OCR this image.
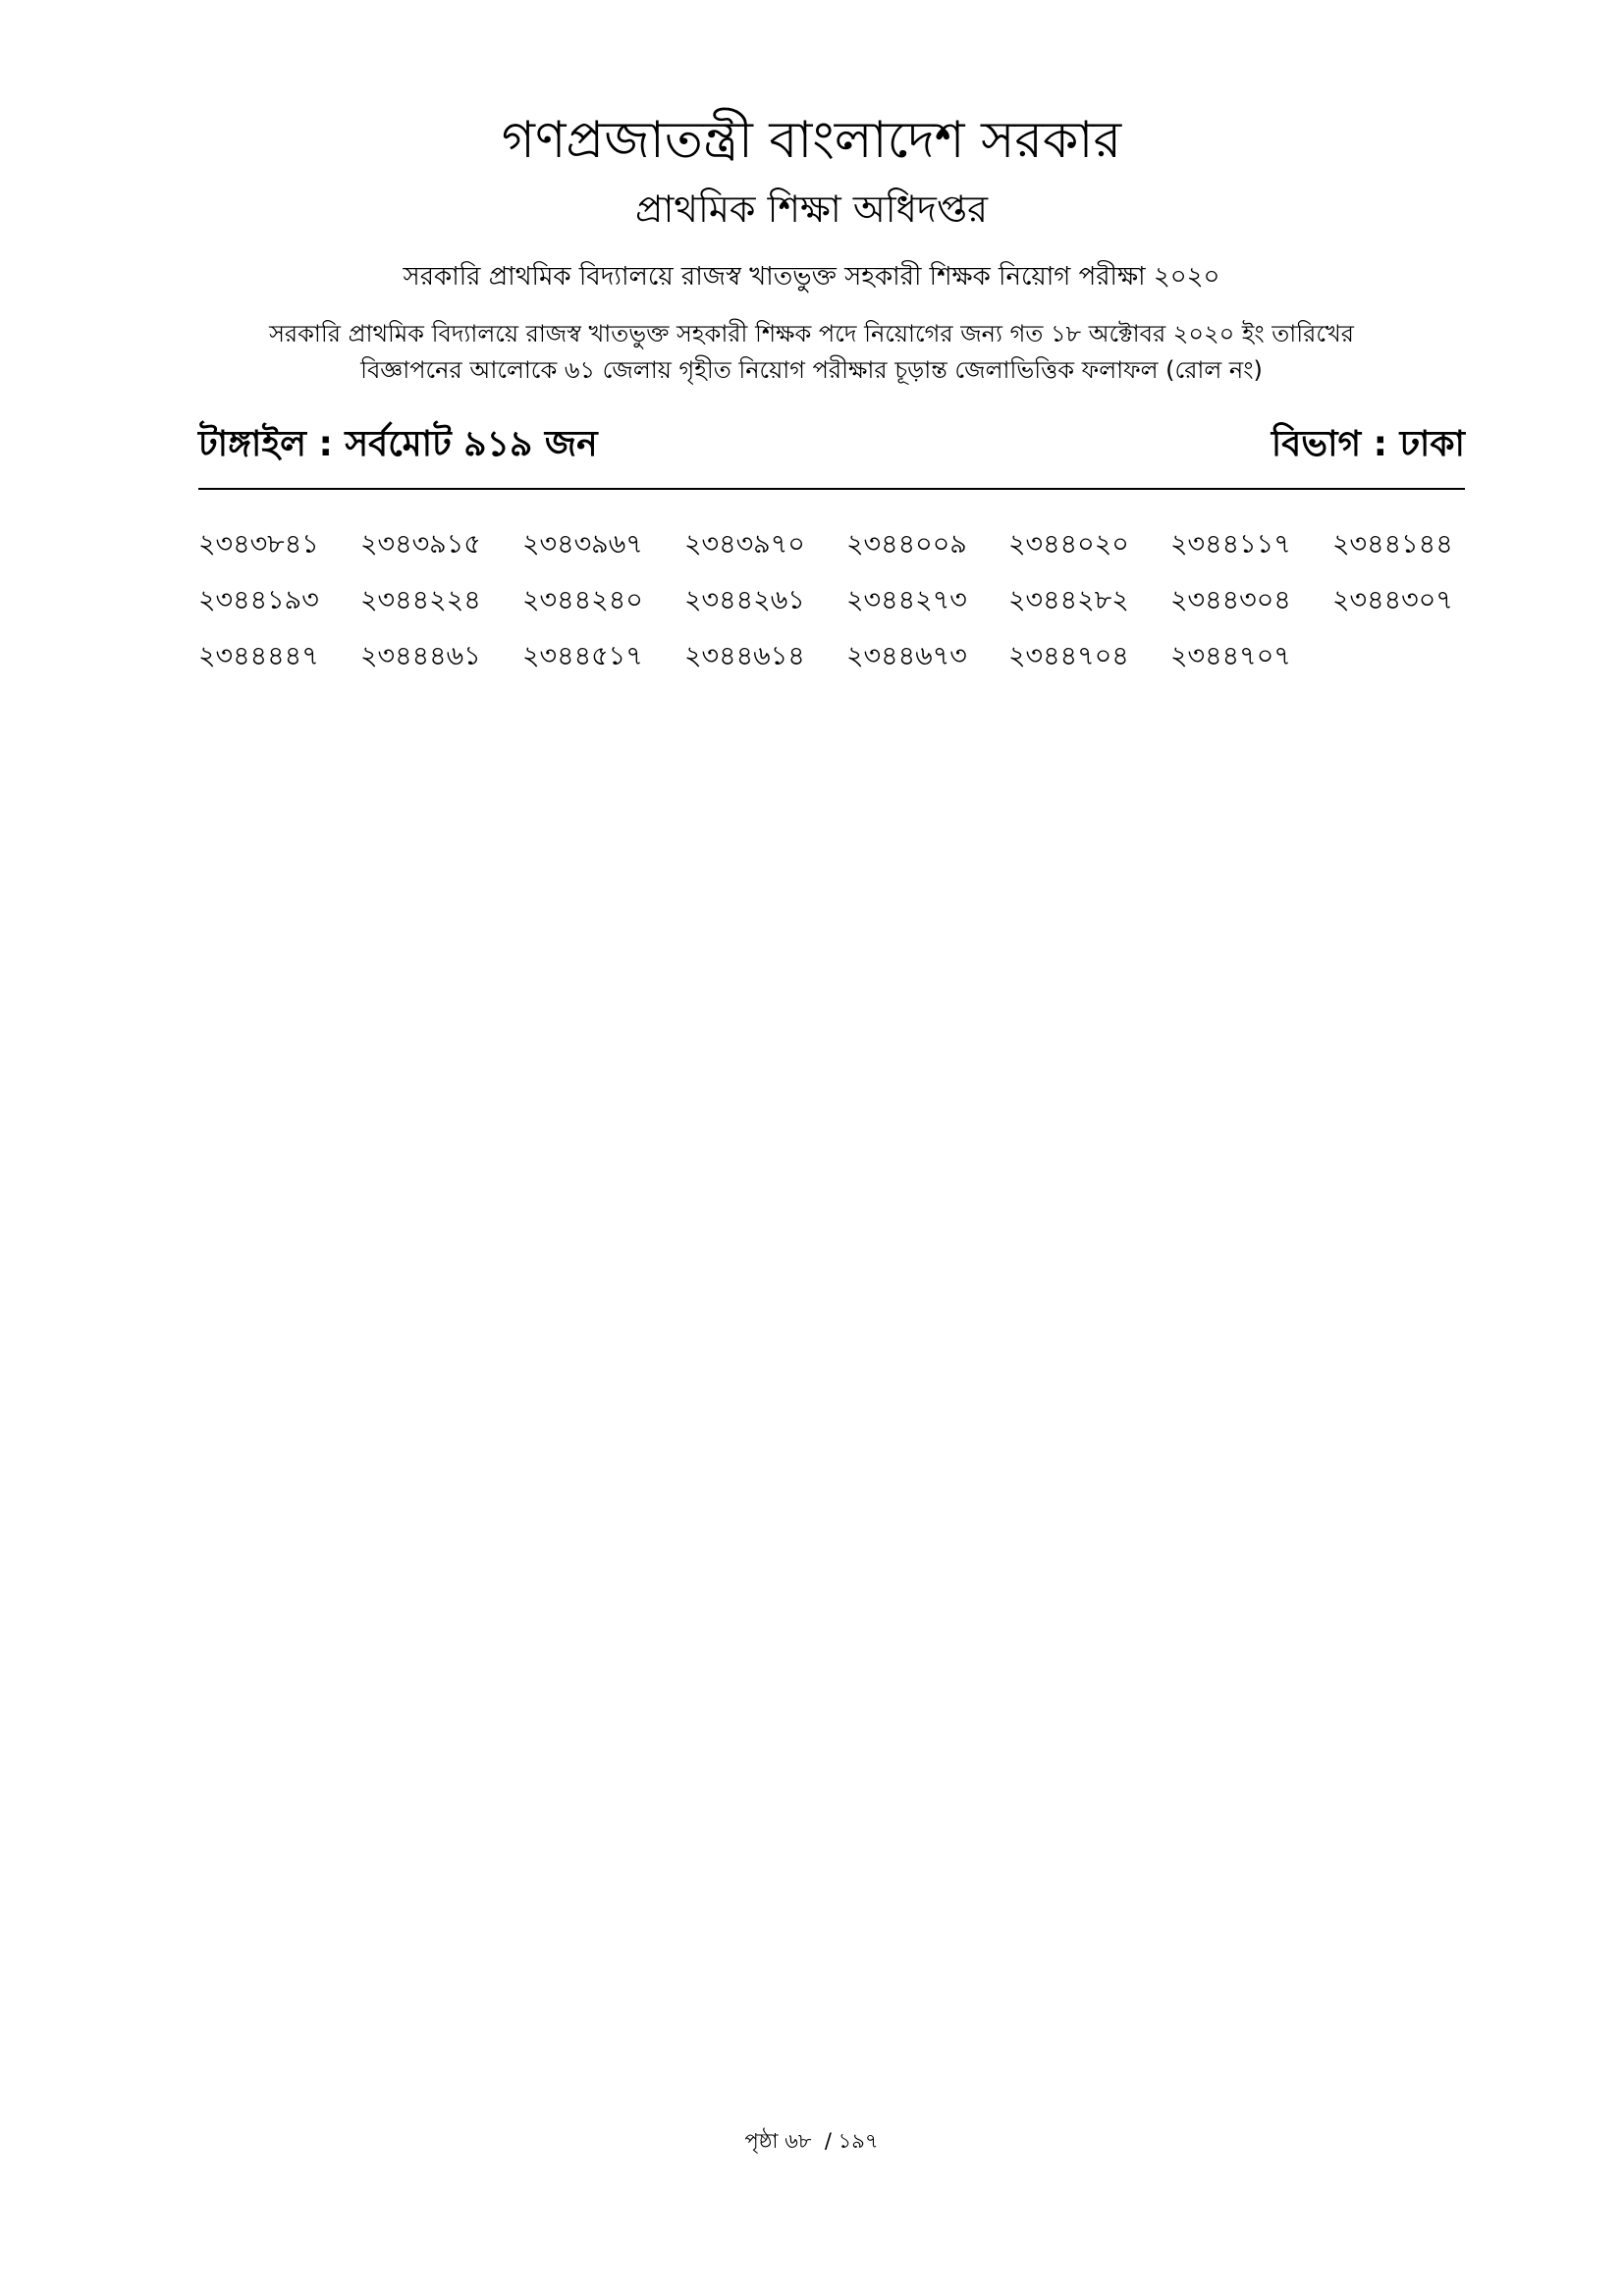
গণপ্রজাতন্ত্রী বাংলাদেশ সরকার
প্রাথমিক শিক্ষা অধিদপ্তর
সরকারি প্রাথমিক বিদ্যালয়ে রাজস্ব খাতভুক্ত সহকারী শিক্ষক নিয়োগ পরীক্ষা ২০২০
সরকারি প্রাথমিক বিদ্যালয়ে রাজস্ব খাতভুক্ত সহকারী শিক্ষক পদে নিয়োগের জন্য গত ১৮ অক্টোবর ২০২০ ইং তারিখের
বিজ্ঞাপনের আলোকে ৬১ জেলায় গৃহীত নিয়োগ পরীক্ষার চূড়ান্ত জেলাভিত্তিক ফলাফল (রোল নং)
টাঙ্গাইল : সর্বমোট ৯১৯ জন	বিভাগ : ঢাকা
২৩৪৩৮৪১	২৩৪৩৯১৫	২৩৪৩৯৬৭	২৩৪৩৯৭০	২৩৪৪০০৯	২৩৪৪০২০	২৩৪৪১১৭	২৩৪৪১৪৪
২৩৪৪১৯৩	২৩৪৪২২৪	২৩৪৪২৪০	২৩৪৪২৬১	২৩৪৪২৭৩	২৩৪৪২৮২	২৩৪৪৩০৪	২৩৪৪৩০৭
২৩৪৪৪৪৭	২৩৪৪৪৬১	২৩৪৪৫১৭	২৩৪৪৬১৪	২৩৪৪৬৭৩	২৩৪৪৭০৪	২৩৪৪৭০৭
পৃষ্ঠা ৬৮  / ১৯৭
